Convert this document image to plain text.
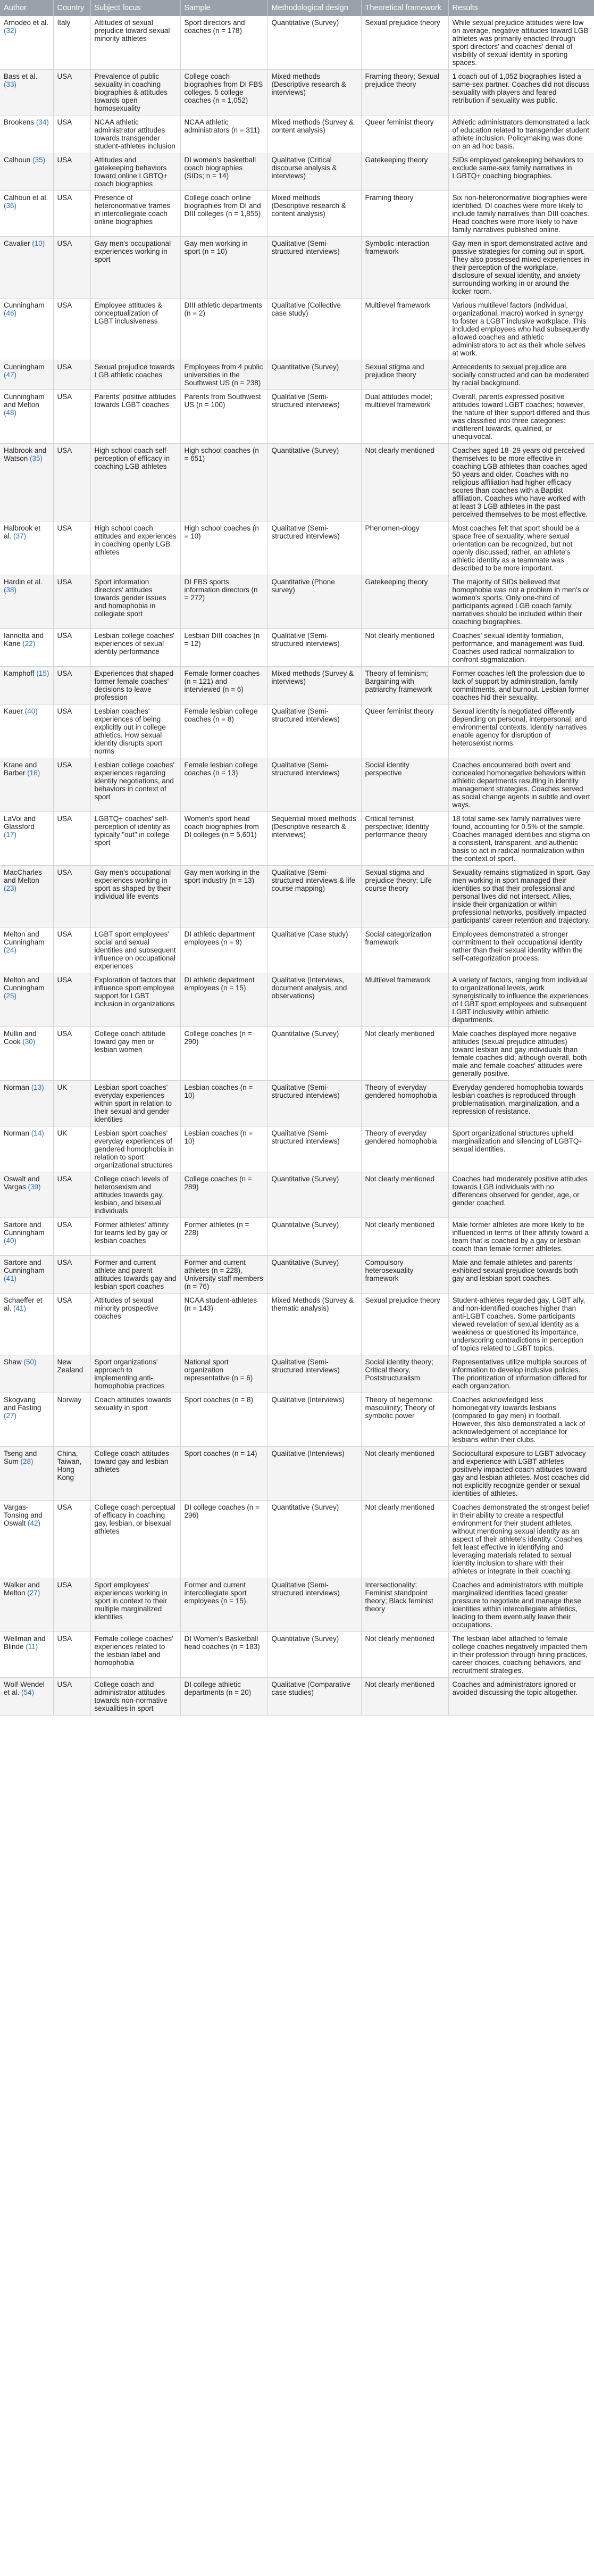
Author	Country	Subject focus	Sample	Methodological design	Theoretical framework	Results
Arnodeo et al. (32)	Italy	Attitudes of sexual prejudice toward sexual minority athletes	Sport directors and coaches (n = 178)	Quantitative (Survey)	Sexual prejudice theory	While sexual prejudice attitudes were low on average, negative attitudes toward LGB athletes was primarily enacted through sport directors' and coaches' denial of visibility of sexual identity in sporting spaces.
Bass et al. (33)	USA	Prevalence of public sexuality in coaching biographies & attitudes towards open homosexuality	College coach biographies from DI FBS colleges. 5 college coaches (n = 1,052)	Mixed methods (Descriptive research & interviews)	Framing theory; Sexual prejudice theory	1 coach out of 1,052 biographies listed a same-sex partner. Coaches did not discuss sexuality with players and feared retribution if sexuality was public.
Brookens (34)	USA	NCAA athletic administrator attitudes towards transgender student-athletes inclusion	NCAA athletic administrators (n = 311)	Mixed methods (Survey & content analysis)	Queer feminist theory	Athletic administrators demonstrated a lack of education related to transgender student athlete inclusion. Policymaking was done on an ad hoc basis.
Calhoun (35)	USA	Attitudes and gatekeeping behaviors toward online LGBTQ+ coach biographies	DI women's basketball coach biographies (SIDs; n = 14)	Qualitative (Critical discourse analysis & interviews)	Gatekeeping theory	SIDs employed gatekeeping behaviors to exclude same-sex family narratives in LGBTQ+ coaching biographies.
Calhoun et al. (36)	USA	Presence of heteronormative frames in intercollegiate coach online biographies	College coach online biographies from DI and DIII colleges (n = 1,855)	Mixed methods (Descriptive research & content analysis)	Framing theory	Six non-heteronormative biographies were identified. DI coaches were more likely to include family narratives than DIII coaches. Head coaches were more likely to have family narratives published online.
Cavalier (10)	USA	Gay men's occupational experiences working in sport	Gay men working in sport (n = 10)	Qualitative (Semi-structured interviews)	Symbolic interaction framework	Gay men in sport demonstrated active and passive strategies for coming out in sport. They also possessed mixed experiences in their perception of the workplace, disclosure of sexual identity, and anxiety surrounding working in or around the locker room.
Cunningham (46)	USA	Employee attitudes & conceptualization of LGBT inclusiveness	DIII athletic departments (n = 2)	Qualitative (Collective case study)	Multilevel framework	Various multilevel factors (individual, organizational, macro) worked in synergy to foster a LGBT inclusive workplace. This included employees who had subsequently allowed coaches and athletic administrators to act as their whole selves at work.
Cunningham (47)	USA	Sexual prejudice towards LGB athletic coaches	Employees from 4 public universities in the Southwest US (n = 238)	Quantitative (Survey)	Sexual stigma and prejudice theory	Antecedents to sexual prejudice are socially constructed and can be moderated by racial background.
Cunningham and Melton (48)	USA	Parents' positive attitudes towards LGBT coaches	Parents from Southwest US (n = 100)	Qualitative (Semi-structured interviews)	Dual attitudes model; multilevel framework	Overall, parents expressed positive attitudes toward LGBT coaches; however, the nature of their support differed and thus was classified into three categories: indifferent towards, qualified, or unequivocal.
Halbrook and Watson (35)	USA	High school coach self-perception of efficacy in coaching LGB athletes	High school coaches (n = 651)	Quantitative (Survey)	Not clearly mentioned	Coaches aged 18–29 years old perceived themselves to be more effective in coaching LGB athletes than coaches aged 50 years and older. Coaches with no religious affiliation had higher efficacy scores than coaches with a Baptist affiliation. Coaches who have worked with at least 3 LGB athletes in the past perceived themselves to be most effective.
Halbrook et al. (37)	USA	High school coach attitudes and experiences in coaching openly LGB athletes	High school coaches (n = 10)	Qualitative (Semi-structured interviews)	Phenomen-ology	Most coaches felt that sport should be a space free of sexuality, where sexual orientation can be recognized, but not openly discussed; rather, an athlete's athletic identity as a teammate was described to be more important.
Hardin et al. (38)	USA	Sport information directors' attitudes towards gender issues and homophobia in collegiate sport	DI FBS sports information directors (n = 272)	Quantitative (Phone survey)	Gatekeeping theory	The majority of SIDs believed that homophobia was not a problem in men's or women's sports. Only one-third of participants agreed LGB coach family narratives should be included within their coaching biographies.
Iannotta and Kane (22)	USA	Lesbian college coaches' experiences of sexual identity performance	Lesbian DIII coaches (n = 12)	Qualitative (Semi-structured interviews)	Not clearly mentioned	Coaches' sexual identity formation, performance, and management was fluid. Coaches used radical normalization to confront stigmatization.
Kamphoff (15)	USA	Experiences that shaped former female coaches' decisions to leave profession	Female former coaches (n = 121) and interviewed (n = 6)	Mixed methods (Survey & interviews)	Theory of feminism; Bargaining with patriarchy framework	Former coaches left the profession due to lack of support by administration, family commitments, and burnout. Lesbian former coaches hid their sexuality.
Kauer (40)	USA	Lesbian coaches' experiences of being explicitly out in college athletics. How sexual identity disrupts sport norms	Female lesbian college coaches (n = 8)	Qualitative (Semi-structured interviews)	Queer feminist theory	Sexual identity is negotiated differently depending on personal, interpersonal, and environmental contexts. Identity narratives enable agency for disruption of heterosexist norms.
Krane and Barber (16)	USA	Lesbian college coaches' experiences regarding identity negotiations, and behaviors in context of sport	Female lesbian college coaches (n = 13)	Qualitative (Semi-structured interviews)	Social identity perspective	Coaches encountered both overt and concealed homonegative behaviors within athletic departments resulting in identity management strategies. Coaches served as social change agents in subtle and overt ways.
LaVoi and Glassford (17)	USA	LGBTQ+ coaches' self-perception of identity as typically "out" in college sport	Women's sport head coach biographies from DI colleges (n = 5,601)	Sequential mixed methods (Descriptive research & interviews)	Critical feminist perspective; Identity performance theory	18 total same-sex family narratives were found, accounting for 0.5% of the sample. Coaches managed identities and stigma on a consistent, transparent, and authentic basis to act in radical normalization within the context of sport.
MacCharles and Melton (23)	USA	Gay men's occupational experiences working in sport as shaped by their individual life events	Gay men working in the sport industry (n = 13)	Qualitative (Semi-structured interviews & life course mapping)	Sexual stigma and prejudice theory; Life course theory	Sexuality remains stigmatized in sport. Gay men working in sport managed their identities so that their professional and personal lives did not intersect. Allies, inside their organization or within professional networks, positively impacted participants' career retention and trajectory.
Melton and Cunningham (24)	USA	LGBT sport employees' social and sexual identities and subsequent influence on occupational experiences	DI athletic department employees (n = 9)	Qualitative (Case study)	Social categorization framework	Employees demonstrated a stronger commitment to their occupational identity rather than their sexual identity within the self-categorization process.
Melton and Cunningham (25)	USA	Exploration of factors that influence sport employee support for LGBT inclusion in organizations	DI athletic department employees (n = 15)	Qualitative (Interviews, document analysis, and observations)	Multilevel framework	A variety of factors, ranging from individual to organizational levels, work synergistically to influence the experiences of LGBT sport employees and subsequent LGBT inclusivity within athletic departments.
Mullin and Cook (30)	USA	College coach attitude toward gay men or lesbian women	College coaches (n = 290)	Quantitative (Survey)	Not clearly mentioned	Male coaches displayed more negative attitudes (sexual prejudice attitudes) toward lesbian and gay individuals than female coaches did; although overall, both male and female coaches' attitudes were generally positive.
Norman (13)	UK	Lesbian sport coaches' everyday experiences within sport in relation to their sexual and gender identities	Lesbian coaches (n = 10)	Qualitative (Semi-structured interviews)	Theory of everyday gendered homophobia	Everyday gendered homophobia towards lesbian coaches is reproduced through problematisation, marginalization, and a repression of resistance.
Norman (14)	UK	Lesbian sport coaches' everyday experiences of gendered homophobia in relation to sport organizational structures	Lesbian coaches (n = 10)	Qualitative (Semi-structured interviews)	Theory of everyday gendered homophobia	Sport organizational structures upheld marginalization and silencing of LGBTQ+ sexual identities.
Oswalt and Vargas (39)	USA	College coach levels of heterosexism and attitudes towards gay, lesbian, and bisexual individuals	College coaches (n = 289)	Quantitative (Survey)	Not clearly mentioned	Coaches had moderately positive attitudes towards LGB individuals with no differences observed for gender, age, or gender coached.
Sartore and Cunningham (40)	USA	Former athletes' affinity for teams led by gay or lesbian coaches	Former athletes (n = 228)	Quantitative (Survey)	Not clearly mentioned	Male former athletes are more likely to be influenced in terms of their affinity toward a team that is coached by a gay or lesbian coach than female former athletes.
Sartore and Cunningham (41)	USA	Former and current athlete and parent attitudes towards gay and lesbian sport coaches	Former and current athletes (n = 228), University staff members (n = 76)	Quantitative (Survey)	Compulsory heterosexuality framework	Male and female athletes and parents exhibited sexual prejudice towards both gay and lesbian sport coaches.
Schaeffer et al. (41)	USA	Attitudes of sexual minority prospective coaches	NCAA student-athletes (n = 143)	Mixed Methods (Survey & thematic analysis)	Sexual prejudice theory	Student-athletes regarded gay, LGBT ally, and non-identified coaches higher than anti-LGBT coaches. Some participants viewed revelation of sexual identity as a weakness or questioned its importance, underscoring contradictions in perception of topics related to LGBT topics.
Shaw (50)	New Zealand	Sport organizations' approach to implementing anti-homophobia practices	National sport organization representative (n = 6)	Qualitative (Semi-structured interviews)	Social identity theory; Critical theory, Poststructuralism	Representatives utilize multiple sources of information to develop inclusive policies. The prioritization of information differed for each organization.
Skogvang and Fasting (27)	Norway	Coach attitudes towards sexuality in sport	Sport coaches (n = 8)	Qualitative (Interviews)	Theory of hegemonic masculinity; Theory of symbolic power	Coaches acknowledged less homonegativity towards lesbians (compared to gay men) in football. However, this also demonstrated a lack of acknowledgement of acceptance for lesbians within their clubs.
Tseng and Sum (28)	China, Taiwan, Hong Kong	College coach attitudes toward gay and lesbian athletes	Sport coaches (n = 14)	Qualitative (Interviews)	Not clearly mentioned	Sociocultural exposure to LGBT advocacy and experience with LGBT athletes positively impacted coach attitudes toward gay and lesbian athletes. Most coaches did not explicitly recognize gender or sexual identities of athletes.
Vargas-Tonsing and Oswalt (42)	USA	College coach perceptual of efficacy in coaching gay, lesbian, or bisexual athletes	DI college coaches (n = 296)	Quantitative (Survey)	Not clearly mentioned	Coaches demonstrated the strongest belief in their ability to create a respectful environment for their student athletes, without mentioning sexual identity as an aspect of their athlete's identity. Coaches felt least effective in identifying and leveraging materials related to sexual identity inclusion to share with their athletes or integrate in their coaching.
Walker and Melton (27)	USA	Sport employees' experiences working in sport in context to their multiple marginalized identities	Former and current intercollegiate sport employees (n = 15)	Qualitative (Semi-structured interviews)	Intersectionality; Feminist standpoint theory; Black feminist theory	Coaches and administrators with multiple marginalized identities faced greater pressure to negotiate and manage these identities within intercollegiate athletics, leading to them eventually leave their occupations.
Wellman and Blinde (11)	USA	Female college coaches' experiences related to the lesbian label and homophobia	DI Women's Basketball head coaches (n = 183)	Quantitative (Survey)	Not clearly mentioned	The lesbian label attached to female college coaches negatively impacted them in their profession through hiring practices, career choices, coaching behaviors, and recruitment strategies.
Wolf-Wendel et al. (54)	USA	College coach and administrator attitudes towards non-normative sexualities in sport	DI college athletic departments (n = 20)	Qualitative (Comparative case studies)	Not clearly mentioned	Coaches and administrators ignored or avoided discussing the topic altogether.
